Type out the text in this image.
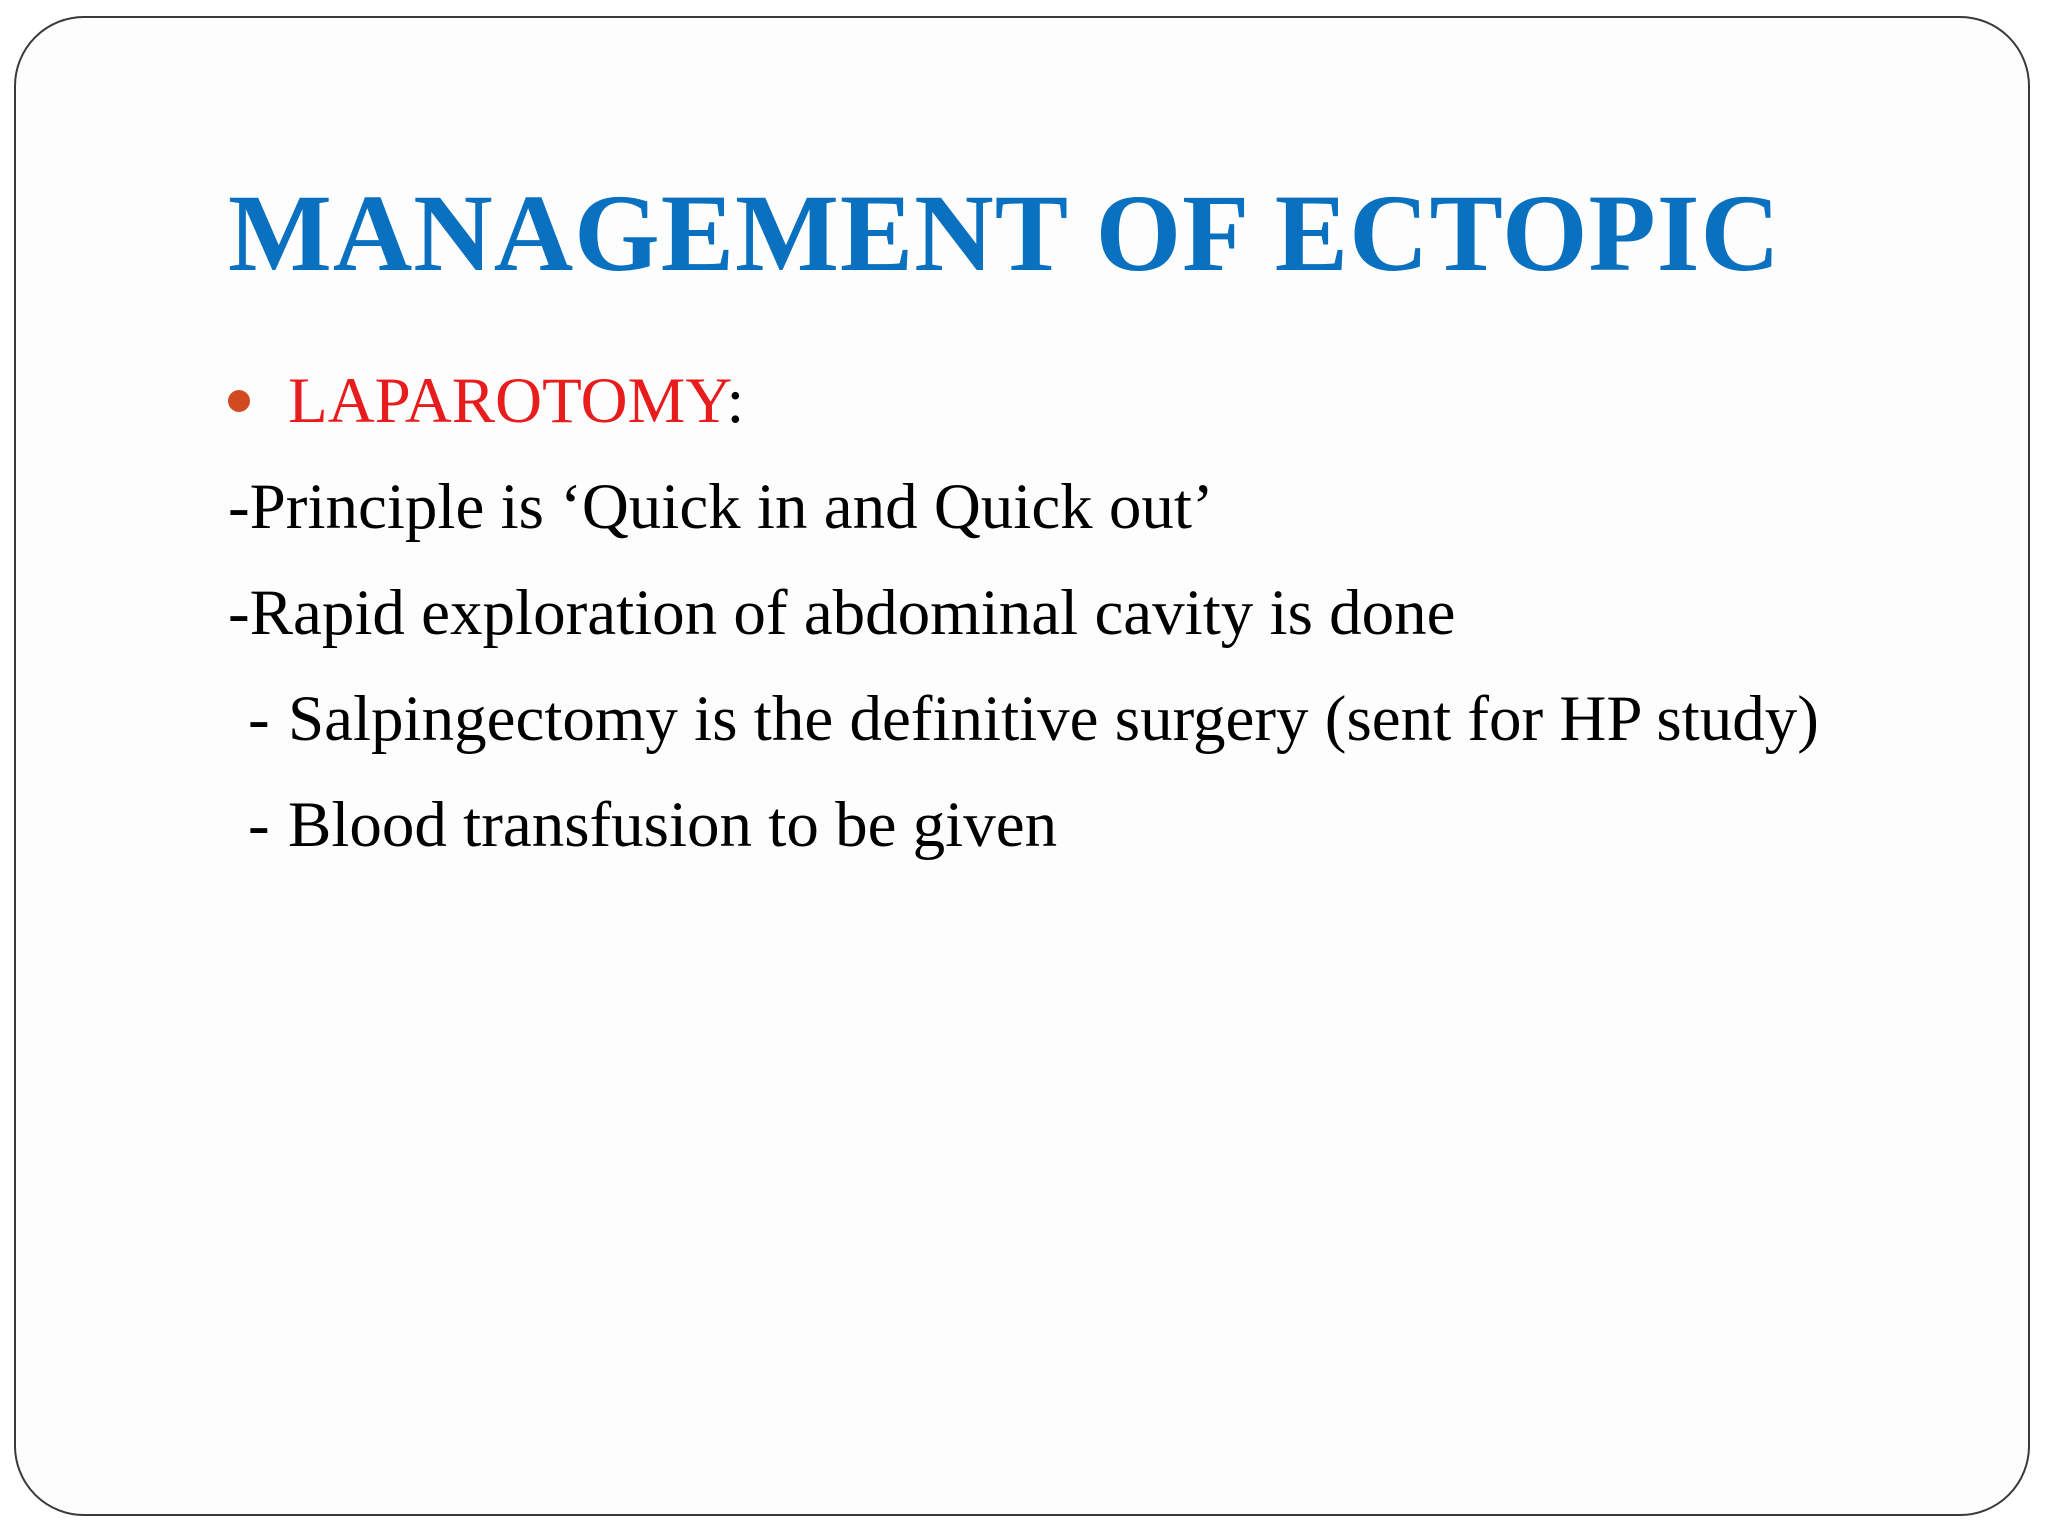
MANAGEMENT OF ECTOPIC
LAPAROTOMY:
-Principle is ‘Quick in and Quick out’
-Rapid exploration of abdominal cavity is done
- Salpingectomy is the definitive surgery (sent for HP study)
- Blood transfusion to be given
